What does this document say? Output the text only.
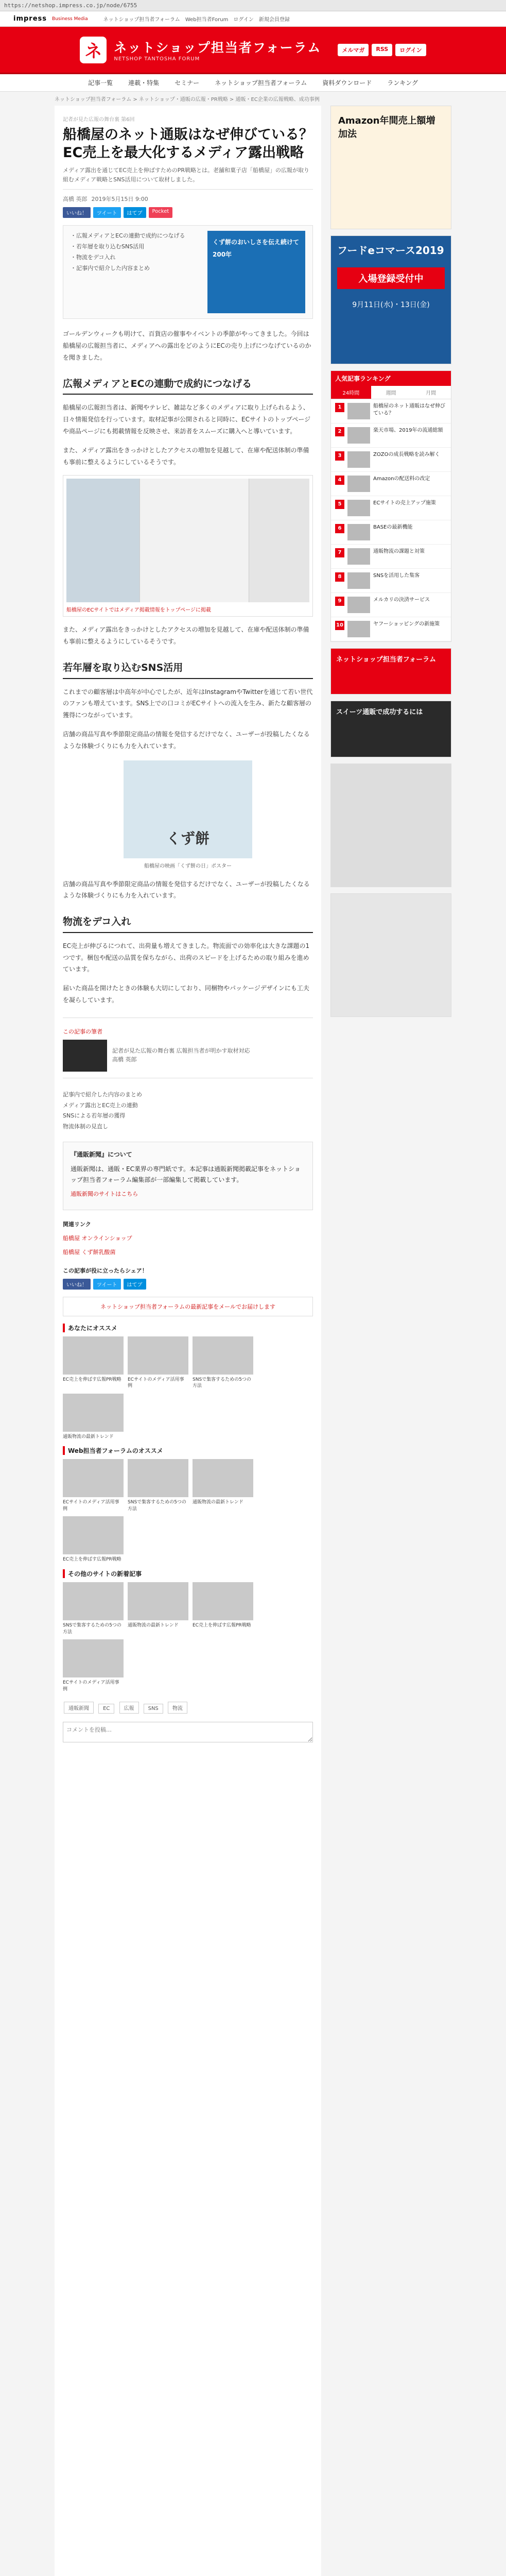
https://netshop.impress.co.jp/node/6755
impress Business Media	ネットショップ担当者フォーラム Web担当者Forum ログイン 新規会員登録
ネ ネットショップ担当者フォーラム
NETSHOP TANTOSHA FORUM
メルマガ	RSS	ログイン
記事一覧	連載・特集	セミナー	ネットショップ担当者フォーラム	資料ダウンロード	ランキング
ネットショップ担当者フォーラム > ネットショップ・通販の広報・PR戦略 > 通販・EC企業の広報戦略、成功事例
記者が見た広報の舞台裏 第6回
船橋屋のネット通販はなぜ伸びている？ EC売上を最大化するメディア露出戦略
メディア露出を通じてEC売上を伸ばすためのPR戦略とは。老舗和菓子店「船橋屋」の広報が取り組むメディア戦略とSNS活用について取材しました。
高橋 英郎 2019年5月15日 9:00
いいね！	ツイート	はてブ	Pocket
・広報メディアとECの連動で成約につなげる
・若年層を取り込むSNS活用
・物流をデコ入れ
・記事内で紹介した内容まとめ
くず餅のおいしさを伝え続けて200年

ゴールデンウィークも明けて、百貨店の催事やイベントの季節がやってきました。今回は船橋屋の広報担当者に、メディアへの露出をどのようにECの売り上げにつなげているのかを聞きました。

広報メディアとECの連動で成約につなげる

船橋屋の広報担当者は、新聞やテレビ、雑誌など多くのメディアに取り上げられるよう、日々情報発信を行っています。取材記事が公開されると同時に、ECサイトのトップページや商品ページにも掲載情報を反映させ、来訪者をスムーズに購入へと導いています。

また、メディア露出をきっかけとしたアクセスの増加を見越して、在庫や配送体制の準備も事前に整えるようにしているそうです。

船橋屋のECサイトではメディア掲載情報をトップページに掲載

また、メディア露出をきっかけとしたアクセスの増加を見越して、在庫や配送体制の準備も事前に整えるようにしているそうです。

若年層を取り込むSNS活用

これまでの顧客層は中高年が中心でしたが、近年はInstagramやTwitterを通じて若い世代のファンも増えています。SNS上での口コミがECサイトへの流入を生み、新たな顧客層の獲得につながっています。

店舗の商品写真や季節限定商品の情報を発信するだけでなく、ユーザーが投稿したくなるような体験づくりにも力を入れています。

くず餅
船橋屋の映画「くず餅の日」ポスター

店舗の商品写真や季節限定商品の情報を発信するだけでなく、ユーザーが投稿したくなるような体験づくりにも力を入れています。

物流をデコ入れ

EC売上が伸びるにつれて、出荷量も増えてきました。物流面での効率化は大きな課題の1つです。梱包や配送の品質を保ちながら、出荷のスピードを上げるための取り組みを進めています。

届いた商品を開けたときの体験も大切にしており、同梱物やパッケージデザインにも工夫を凝らしています。

この記事の筆者
記者が見た広報の舞台裏 広報担当者が明かす取材対応
高橋 英郎
記事内で紹介した内容のまとめ
メディア露出とEC売上の連動
SNSによる若年層の獲得
物流体制の見直し
『通販新聞』について
通販新聞は、通販・EC業界の専門紙です。本記事は通販新聞掲載記事をネットショップ担当者フォーラム編集部が一部編集して掲載しています。
通販新聞のサイトはこちら
関連リンク
船橋屋 オンラインショップ
船橋屋 くず餅乳酸菌
この記事が役に立ったらシェア！
いいね！	ツイート	はてブ
ネットショップ担当者フォーラムの最新記事をメールでお届けします
あなたにオススメ
EC売上を伸ばす広報PR戦略	ECサイトのメディア活用事例
SNSで集客するための5つの方法
通販物流の最新トレンド
Web担当者フォーラムのオススメ
ECサイトのメディア活用事例
SNSで集客するための5つの方法
通販物流の最新トレンド
EC売上を伸ばす広報PR戦略
その他のサイトの新着記事
SNSで集客するための5つの方法
通販物流の最新トレンド	EC売上を伸ばす広報PR戦略
ECサイトのメディア活用事例
通販新聞	EC	広報	SNS	物流
コメントを投稿…
Amazon年間売上額増加法
フードeコマース2019
入場登録受付中
9月11日(水)・13日(金)
人気記事ランキング
24時間	週間	月間
1	船橋屋のネット通販はなぜ伸びている？
2	楽天市場、2019年の流通総額
3	ZOZOの成長戦略を読み解く
4	Amazonの配送料の改定
5	ECサイトの売上アップ施策
6	BASEの最新機能
7	通販物流の課題と対策
8	SNSを活用した集客
9	メルカリの決済サービス
10	ヤフーショッピングの新施策
ネットショップ担当者フォーラム
スイーツ通販で成功するには
